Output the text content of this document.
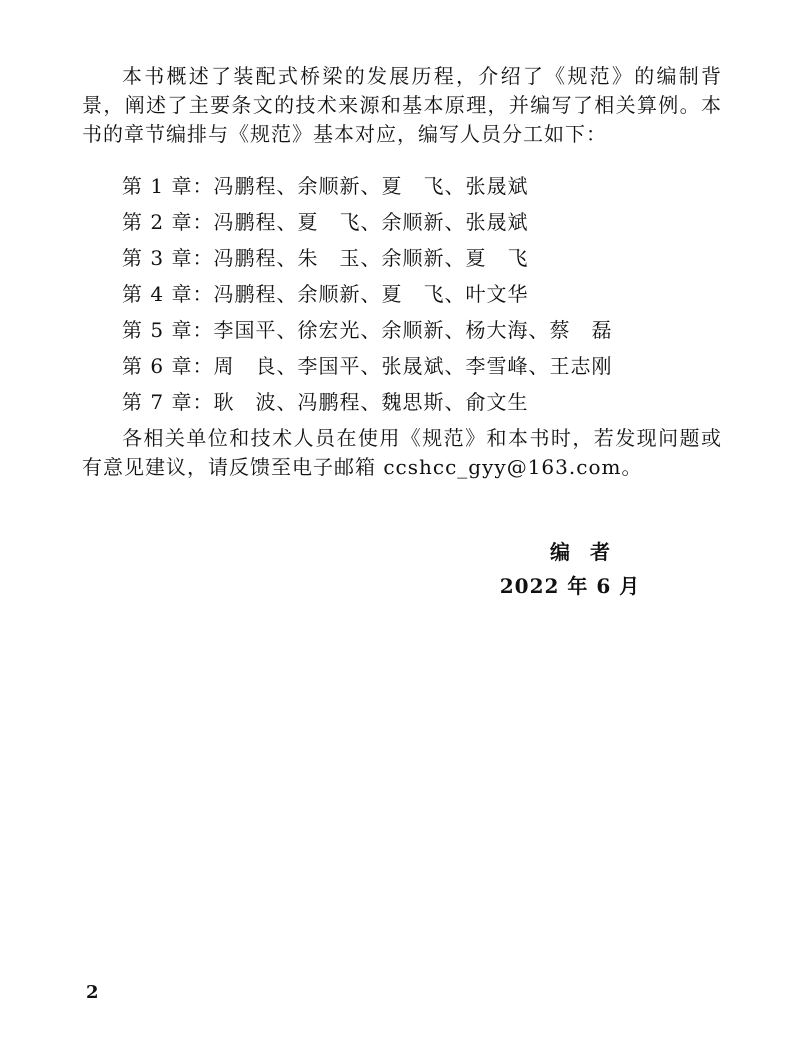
本书概述了装配式桥梁的发展历程，介绍了《规范》的编制背景，阐述了主要条文的技术来源和基本原理，并编写了相关算例。本书的章节编排与《规范》基本对应，编写人员分工如下：

第 1 章：冯鹏程、余顺新、夏　飞、张晟斌
第 2 章：冯鹏程、夏　飞、余顺新、张晟斌
第 3 章：冯鹏程、朱　玉、余顺新、夏　飞
第 4 章：冯鹏程、余顺新、夏　飞、叶文华
第 5 章：李国平、徐宏光、余顺新、杨大海、蔡　磊
第 6 章：周　良、李国平、张晟斌、李雪峰、王志刚
第 7 章：耿　波、冯鹏程、魏思斯、俞文生

各相关单位和技术人员在使用《规范》和本书时，若发现问题或有意见建议，请反馈至电子邮箱 ccshcc_gyy@163.com。

编者
2022 年 6 月
2
